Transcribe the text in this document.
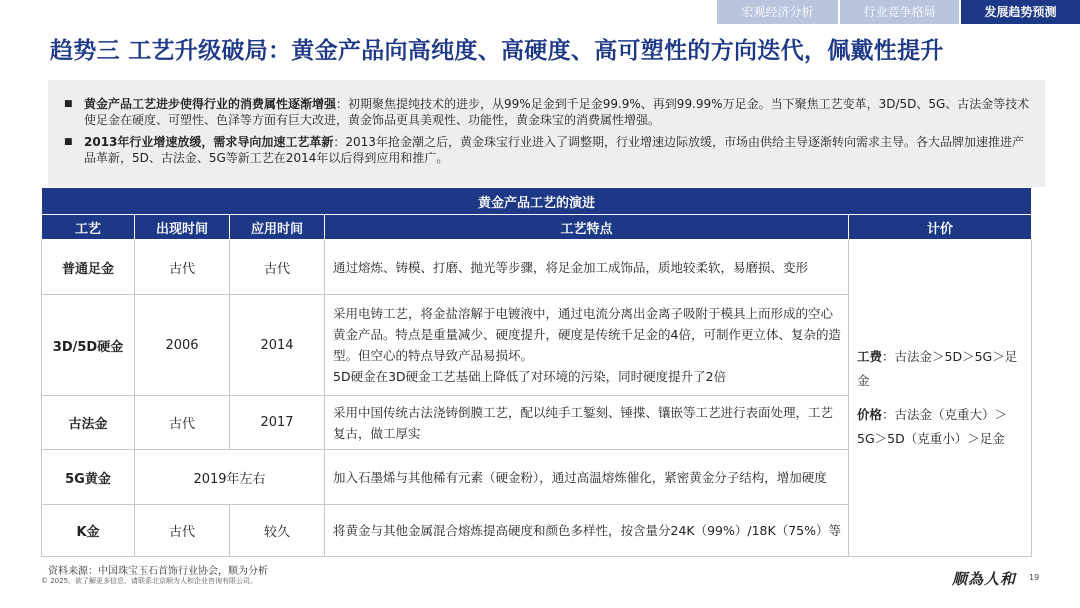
宏观经济分析	行业竞争格局	发展趋势预测
趋势三 工艺升级破局：黄金产品向高纯度、高硬度、高可塑性的方向迭代，佩戴性提升
■ 黄金产品工艺进步使得行业的消费属性逐渐增强：初期聚焦提纯技术的进步，从99%足金到千足金99.9%、再到99.99%万足金。当下聚焦工艺变革，3D/5D、5G、古法金等技术使足金在硬度、可塑性、色泽等方面有巨大改进，黄金饰品更具美观性、功能性，黄金珠宝的消费属性增强。
■ 2013年行业增速放缓，需求导向加速工艺革新：2013年抢金潮之后，黄金珠宝行业进入了调整期，行业增速边际放缓，市场由供给主导逐渐转向需求主导。各大品牌加速推进产品革新，5D、古法金、5G等新工艺在2014年以后得到应用和推广。
黄金产品工艺的演进				
工艺	出现时间	应用时间	工艺特点	计价
普通足金	古代	古代	通过熔炼、铸模、打磨、抛光等步骤，将足金加工成饰品，质地较柔软，易磨损、变形	工费：古法金＞5D＞5G＞足金

价格：古法金（克重大）＞5G＞5D（克重小）＞足金

3D/5D硬金	2006	2014	采用电铸工艺，将金盐溶解于电镀液中，通过电流分离出金离子吸附于模具上而形成的空心黄金产品。特点是重量减少、硬度提升，硬度是传统千足金的4倍，可制作更立体、复杂的造型。但空心的特点导致产品易损坏。
5D硬金在3D硬金工艺基础上降低了对环境的污染，同时硬度提升了2倍	
古法金	古代	2017	采用中国传统古法浇铸倒膜工艺，配以纯手工錾刻、锤揲、镶嵌等工艺进行表面处理，工艺复古，做工厚实	
5G黄金	2019年左右		加入石墨烯与其他稀有元素（硬金粉），通过高温熔炼催化，紧密黄金分子结构，增加硬度	
K金	古代	较久	将黄金与其他金属混合熔炼提高硬度和颜色多样性，按含量分24K（99%）/18K（75%）等	
资料来源：中国珠宝玉石首饰行业协会，顺为分析
© 2025。欲了解更多信息，请联系北京顺为人和企业咨询有限公司。	顺為人和 19
